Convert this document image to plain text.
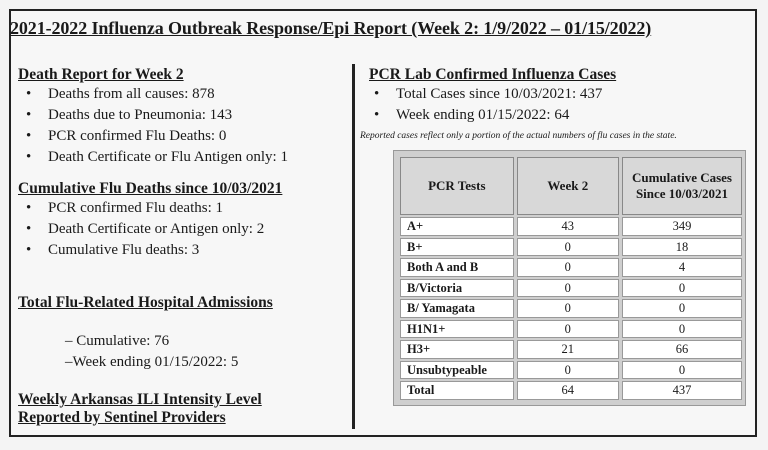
2021-2022 Influenza Outbreak Response/Epi Report (Week 2: 1/9/2022 – 01/15/2022)
Death Report for Week 2
• Deaths from all causes: 878
• Deaths due to Pneumonia: 143
• PCR confirmed Flu Deaths: 0
• Death Certificate or Flu Antigen only: 1
Cumulative Flu Deaths since 10/03/2021
• PCR confirmed Flu deaths: 1
• Death Certificate or Antigen only: 2
• Cumulative Flu deaths: 3
Total Flu-Related Hospital Admissions
– Cumulative: 76
–Week ending 01/15/2022: 5
Weekly Arkansas ILI Intensity Level
Reported by Sentinel Providers
PCR Lab Confirmed Influenza Cases
• Total Cases since 10/03/2021: 437
• Week ending 01/15/2022: 64
Reported cases reflect only a portion of the actual numbers of flu cases in the state.
PCR Tests	Week 2	Cumulative Cases Since 10/03/2021
A+	43	349
B+	0	18
Both A and B	0	4
B/Victoria	0	0
B/ Yamagata	0	0
H1N1+	0	0
H3+	21	66
Unsubtypeable	0	0
Total	64	437
